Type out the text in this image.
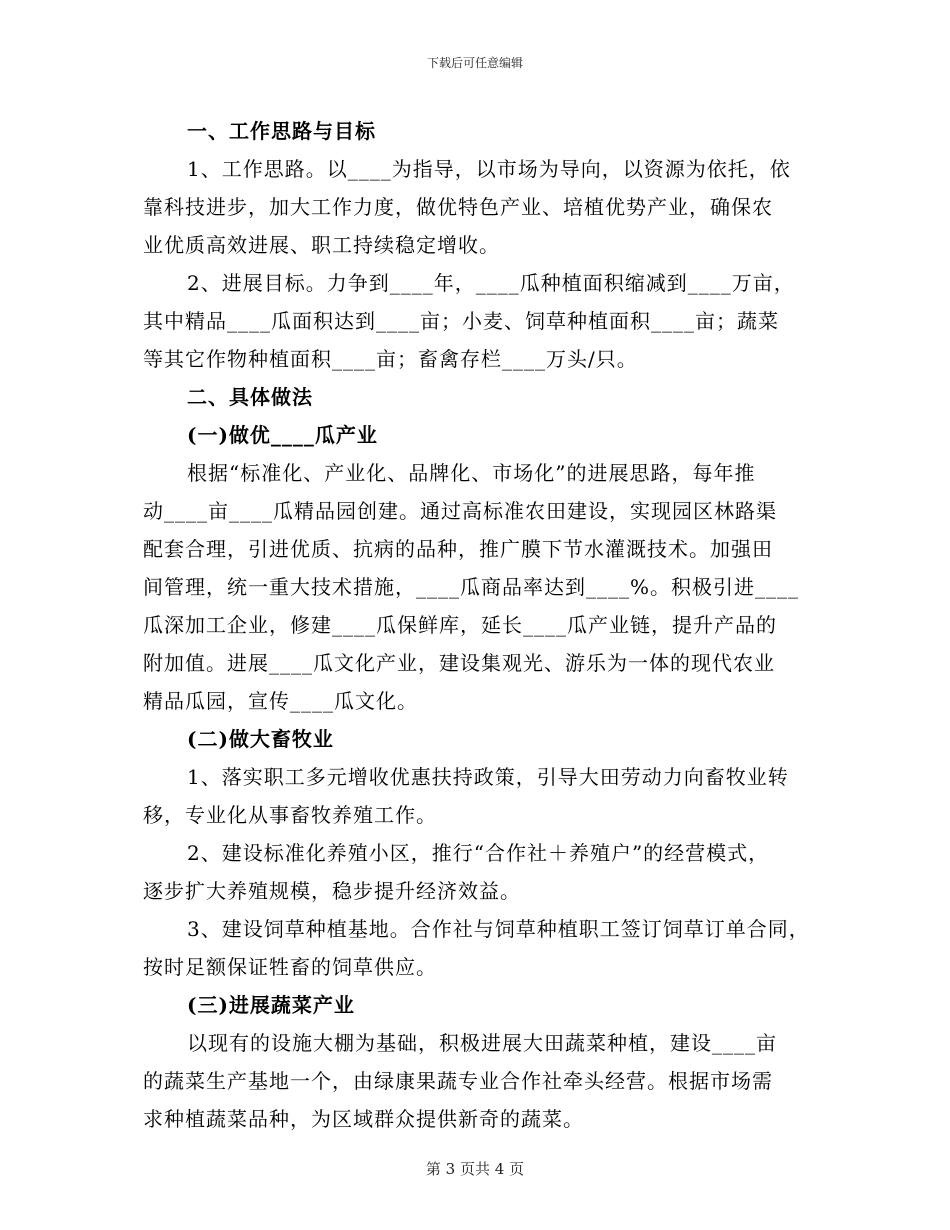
下载后可任意编辑
一、工作思路与目标
1、工作思路。以____为指导，以市场为导向，以资源为依托，依
靠科技进步，加大工作力度，做优特色产业、培植优势产业，确保农
业优质高效进展、职工持续稳定增收。
2、进展目标。力争到____年，____瓜种植面积缩减到____万亩，
其中精品____瓜面积达到____亩；小麦、饲草种植面积____亩；蔬菜
等其它作物种植面积____亩；畜禽存栏____万头/只。
二、具体做法
(一)做优____瓜产业
根据“标准化、产业化、品牌化、市场化”的进展思路，每年推
动____亩____瓜精品园创建。通过高标准农田建设，实现园区林路渠
配套合理，引进优质、抗病的品种，推广膜下节水灌溉技术。加强田
间管理，统一重大技术措施，____瓜商品率达到____%。积极引进____
瓜深加工企业，修建____瓜保鲜库，延长____瓜产业链，提升产品的
附加值。进展____瓜文化产业，建设集观光、游乐为一体的现代农业
精品瓜园，宣传____瓜文化。
(二)做大畜牧业
1、落实职工多元增收优惠扶持政策，引导大田劳动力向畜牧业转
移，专业化从事畜牧养殖工作。
2、建设标准化养殖小区，推行“合作社＋养殖户”的经营模式，
逐步扩大养殖规模，稳步提升经济效益。
3、建设饲草种植基地。合作社与饲草种植职工签订饲草订单合同，
按时足额保证牲畜的饲草供应。
(三)进展蔬菜产业
以现有的设施大棚为基础，积极进展大田蔬菜种植，建设____亩
的蔬菜生产基地一个，由绿康果蔬专业合作社牵头经营。根据市场需
求种植蔬菜品种，为区域群众提供新奇的蔬菜。
第 3 页共 4 页
